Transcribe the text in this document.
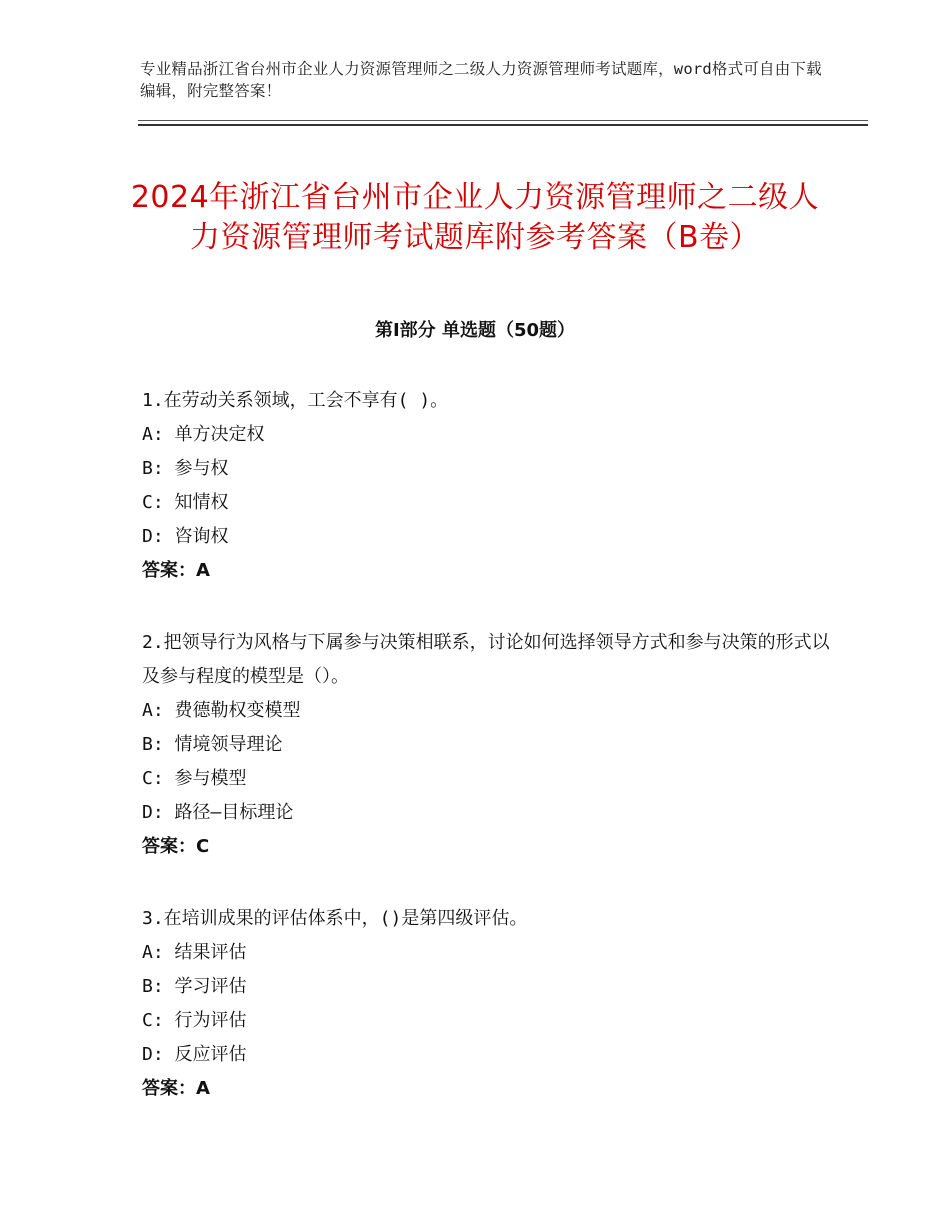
专业精品浙江省台州市企业人力资源管理师之二级人力资源管理师考试题库，word格式可自由下载编辑，附完整答案！
2024年浙江省台州市企业人力资源管理师之二级人力资源管理师考试题库附参考答案（B卷）
第Ⅰ部分 单选题（50题）
1.在劳动关系领域，工会不享有( )。
A: 单方决定权
B: 参与权
C: 知情权
D: 咨询权
答案：A
2.把领导行为风格与下属参与决策相联系，讨论如何选择领导方式和参与决策的形式以及参与程度的模型是（）。
A: 费德勒权变模型
B: 情境领导理论
C: 参与模型
D: 路径—目标理论
答案：C
3.在培训成果的评估体系中，()是第四级评估。
A: 结果评估
B: 学习评估
C: 行为评估
D: 反应评估
答案：A
